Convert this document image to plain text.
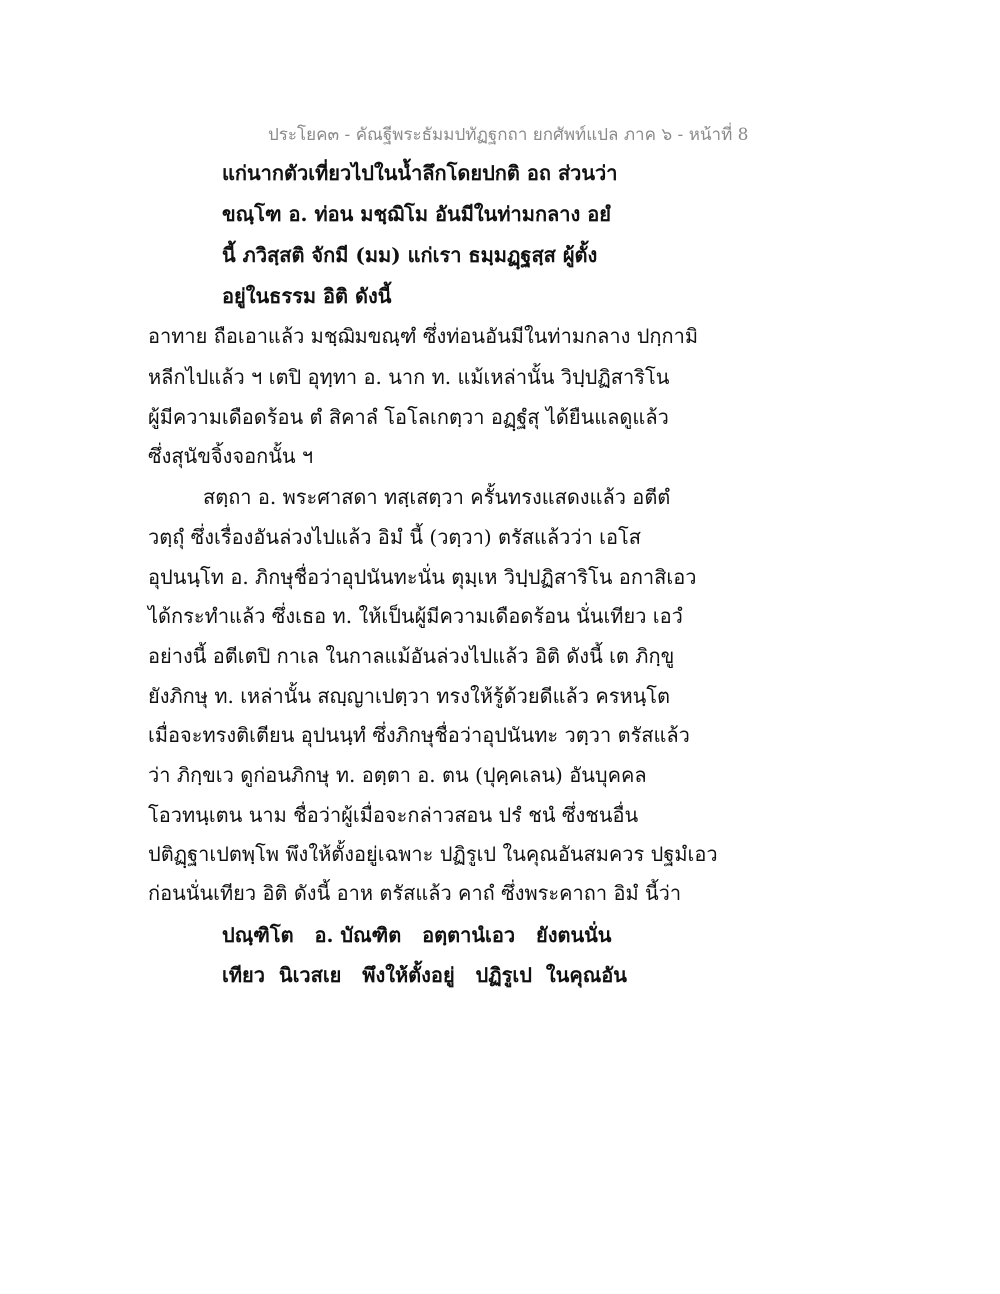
ประโยค๓ - คัณฐีพระธัมมปทัฏฐกถา ยกศัพท์แปล ภาค ๖ - หน้าที่ 8
แก่นากตัวเที่ยวไปในน้ำลึกโดยปกติ อถ ส่วนว่า
ขณฺโฑ อ. ท่อน มชฺฌิโม อันมีในท่ามกลาง อยํ
นี้ ภวิสฺสติ จักมี (มม) แก่เรา ธมฺมฏฺฐสฺส ผู้ตั้ง
อยู่ในธรรม อิติ ดังนี้
อาทาย ถือเอาแล้ว มชฺฌิมขณฺฑํ ซึ่งท่อนอันมีในท่ามกลาง ปกฺกามิ
หลีกไปแล้ว ฯ เตปิ อุทฺทา อ. นาก ท. แม้เหล่านั้น วิปฺปฏิสาริโน
ผู้มีความเดือดร้อน ตํ สิคาลํ โอโลเกตฺวา อฏฺฐํสุ ได้ยืนแลดูแล้ว
ซึ่งสุนัขจิ้งจอกนั้น ฯ
สตฺถา อ. พระศาสดา ทสฺเสตฺวา ครั้นทรงแสดงแล้ว อตีตํ
วตฺถุํ ซึ่งเรื่องอันล่วงไปแล้ว อิมํ นี้ (วตฺวา) ตรัสแล้วว่า เอโส
อุปนนฺโท อ. ภิกษุชื่อว่าอุปนันทะนั่น ตุมฺเห วิปฺปฏิสาริโน อกาสิเอว
ได้กระทำแล้ว ซึ่งเธอ ท. ให้เป็นผู้มีความเดือดร้อน นั่นเทียว เอวํ
อย่างนี้ อตีเตปิ กาเล ในกาลแม้อันล่วงไปแล้ว อิติ ดังนี้ เต ภิกฺขู
ยังภิกษุ ท. เหล่านั้น สญฺญาเปตฺวา ทรงให้รู้ด้วยดีแล้ว ครหนฺโต
เมื่อจะทรงติเตียน อุปนนฺทํ ซึ่งภิกษุชื่อว่าอุปนันทะ วตฺวา ตรัสแล้ว
ว่า ภิกฺขเว ดูก่อนภิกษุ ท. อตฺตา อ. ตน (ปุคฺคเลน) อันบุคคล
โอวทนฺเตน นาม ชื่อว่าผู้เมื่อจะกล่าวสอน ปรํ ชนํ ซึ่งชนอื่น
ปติฏฺฐาเปตพฺโพ พึงให้ตั้งอยู่เฉพาะ ปฏิรูเป ในคุณอันสมควร ปฐมํเอว
ก่อนนั่นเทียว อิติ ดังนี้ อาห ตรัสแล้ว คาถํ ซึ่งพระคาถา อิมํ นี้ว่า
ปณฺฑิโต   อ. บัณฑิต   อตฺตานํเอว   ยังตนนั่น
เทียว  นิเวสเย   พึงให้ตั้งอยู่   ปฏิรูเป  ในคุณอัน
